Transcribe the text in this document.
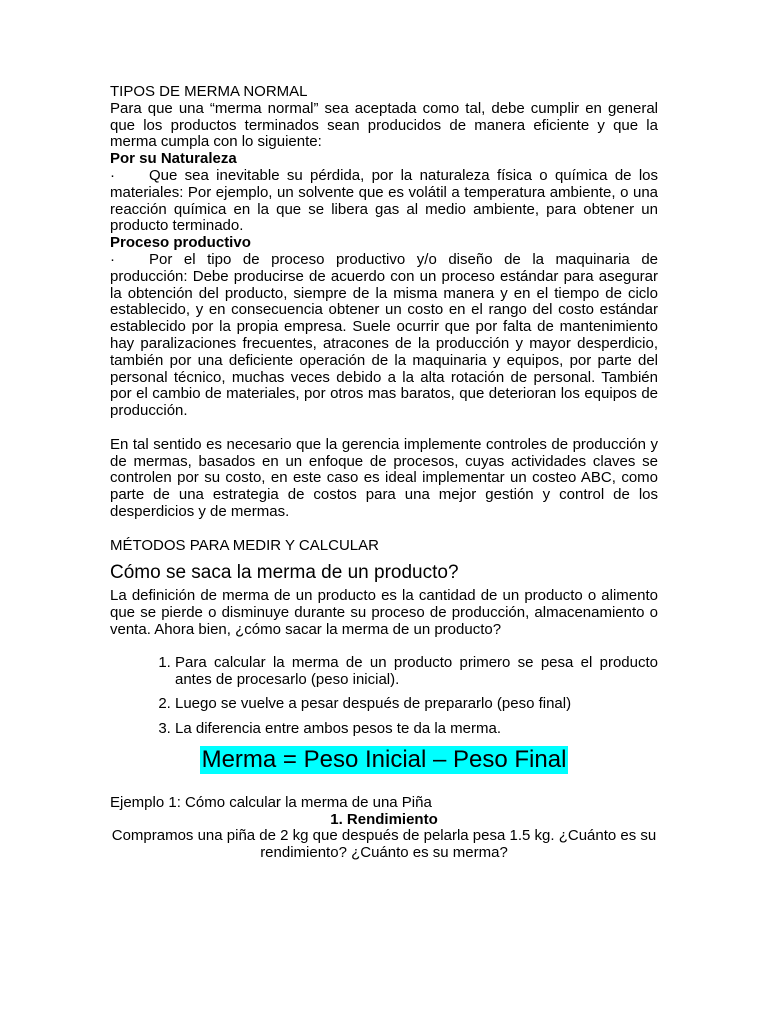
TIPOS DE MERMA NORMAL

Para que una “merma normal” sea aceptada como tal, debe cumplir en general que los productos terminados sean producidos de manera eficiente y que la merma cumpla con lo siguiente:

Por su Naturaleza

· Que sea inevitable su pérdida, por la naturaleza física o química de los materiales: Por ejemplo, un solvente que es volátil a temperatura ambiente, o una reacción química en la que se libera gas al medio ambiente, para obtener un producto terminado.

Proceso productivo

· Por el tipo de proceso productivo y/o diseño de la maquinaria de producción: Debe producirse de acuerdo con un proceso estándar para asegurar la obtención del producto, siempre de la misma manera y en el tiempo de ciclo establecido, y en consecuencia obtener un costo en el rango del costo estándar establecido por la propia empresa. Suele ocurrir que por falta de mantenimiento hay paralizaciones frecuentes, atracones de la producción y mayor desperdicio, también por una deficiente operación de la maquinaria y equipos, por parte del personal técnico, muchas veces debido a la alta rotación de personal. También por el cambio de materiales, por otros mas baratos, que deterioran los equipos de producción.

En tal sentido es necesario que la gerencia implemente controles de producción y de mermas, basados en un enfoque de procesos, cuyas actividades claves se controlen por su costo, en este caso es ideal implementar un costeo ABC, como parte de una estrategia de costos para una mejor gestión y control de los desperdicios y de mermas.

MÉTODOS PARA MEDIR Y CALCULAR

Cómo se saca la merma de un producto?

La definición de merma de un producto es la cantidad de un producto o alimento que se pierde o disminuye durante su proceso de producción, almacenamiento o venta. Ahora bien, ¿cómo sacar la merma de un producto?

1. Para calcular la merma de un producto primero se pesa el producto antes de procesarlo (peso inicial).
2. Luego se vuelve a pesar después de prepararlo (peso final)
3. La diferencia entre ambos pesos te da la merma.
Merma = Peso Inicial – Peso Final

Ejemplo 1: Cómo calcular la merma de una Piña

1. Rendimiento

Compramos una piña de 2 kg que después de pelarla pesa 1.5 kg. ¿Cuánto es su rendimiento? ¿Cuánto es su merma?
